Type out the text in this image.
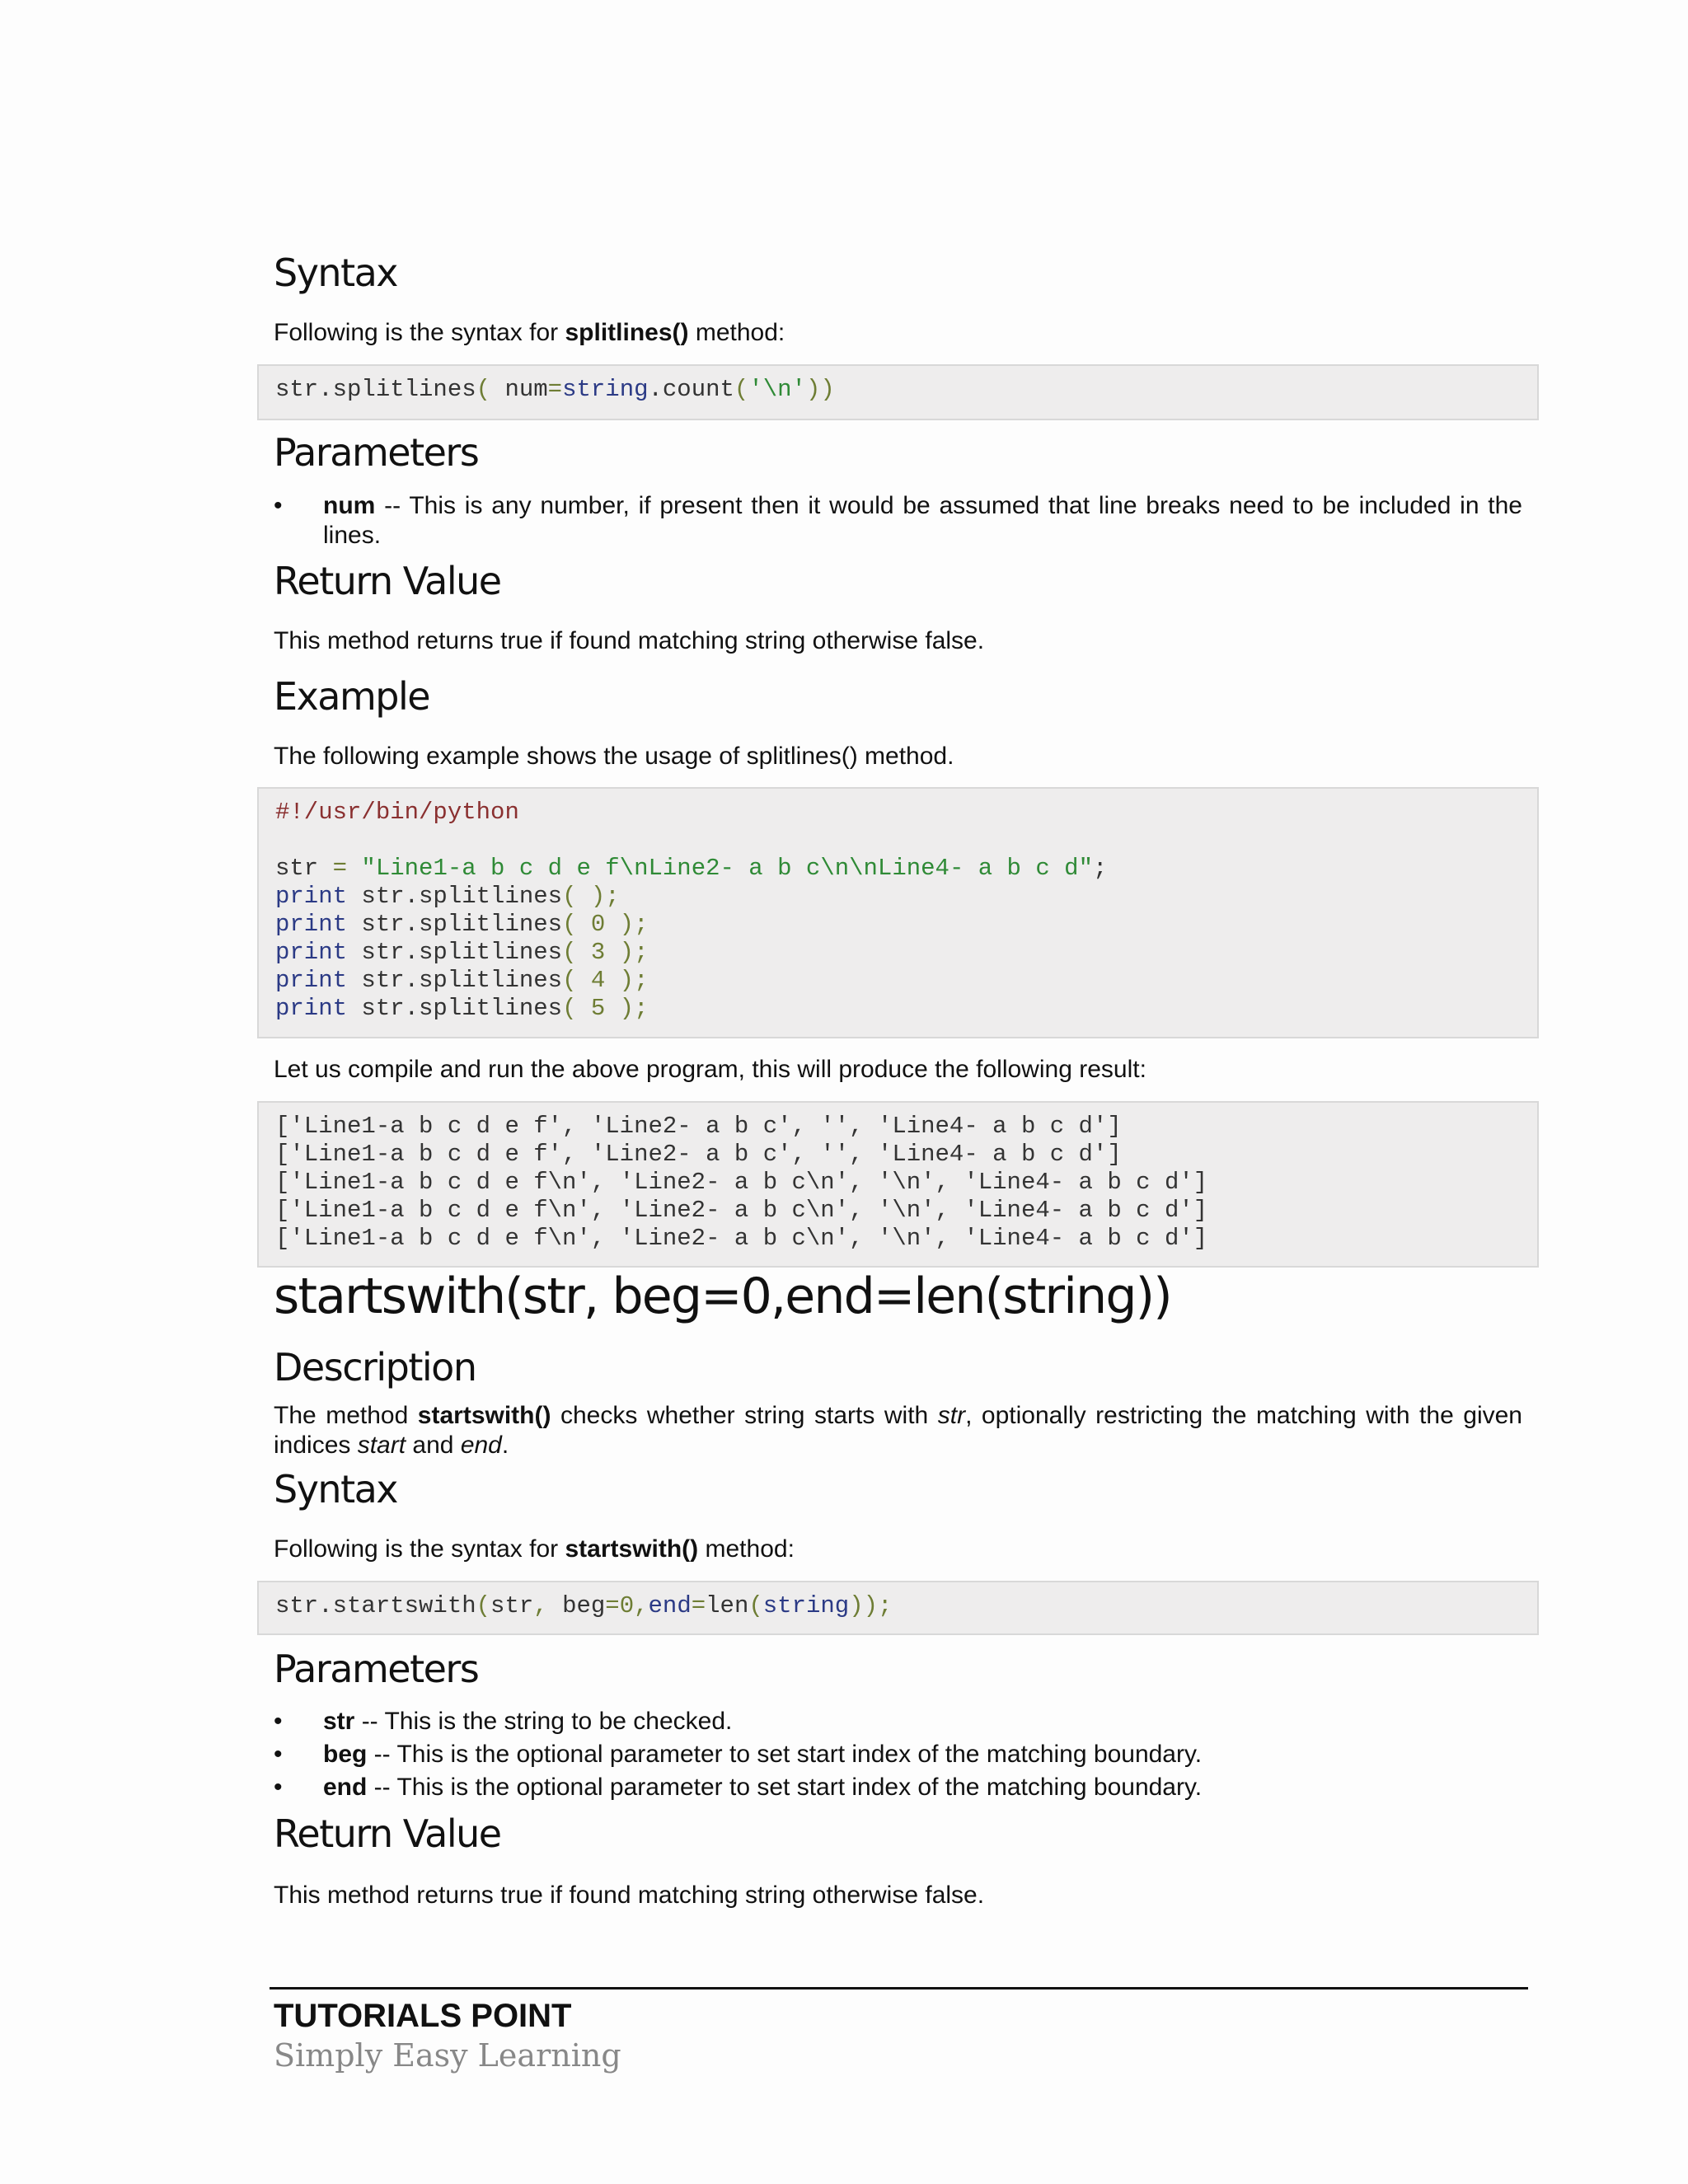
Syntax

Following is the syntax for splitlines() method:

str.splitlines( num=string.count('\n'))
Parameters
• num -- This is any number, if present then it would be assumed that line breaks need to be included in the lines.
Return Value

This method returns true if found matching string otherwise false.

Example

The following example shows the usage of splitlines() method.

#!/usr/bin/python
str = "Line1-a b c d e f\nLine2- a b c\n\nLine4- a b c d";
print str.splitlines( );
print str.splitlines( 0 );
print str.splitlines( 3 );
print str.splitlines( 4 );
print str.splitlines( 5 );

Let us compile and run the above program, this will produce the following result:

['Line1-a b c d e f', 'Line2- a b c', '', 'Line4- a b c d']
['Line1-a b c d e f', 'Line2- a b c', '', 'Line4- a b c d']
['Line1-a b c d e f\n', 'Line2- a b c\n', '\n', 'Line4- a b c d']
['Line1-a b c d e f\n', 'Line2- a b c\n', '\n', 'Line4- a b c d']
['Line1-a b c d e f\n', 'Line2- a b c\n', '\n', 'Line4- a b c d']
startswith(str, beg=0,end=len(string))
Description

The method startswith() checks whether string starts with str, optionally restricting the matching with the given indices start and end.

Syntax

Following is the syntax for startswith() method:

str.startswith(str, beg=0,end=len(string));
Parameters
• str -- This is the string to be checked.
• beg -- This is the optional parameter to set start index of the matching boundary.
• end -- This is the optional parameter to set start index of the matching boundary.
Return Value

This method returns true if found matching string otherwise false.

TUTORIALS POINT
Simply Easy Learning
